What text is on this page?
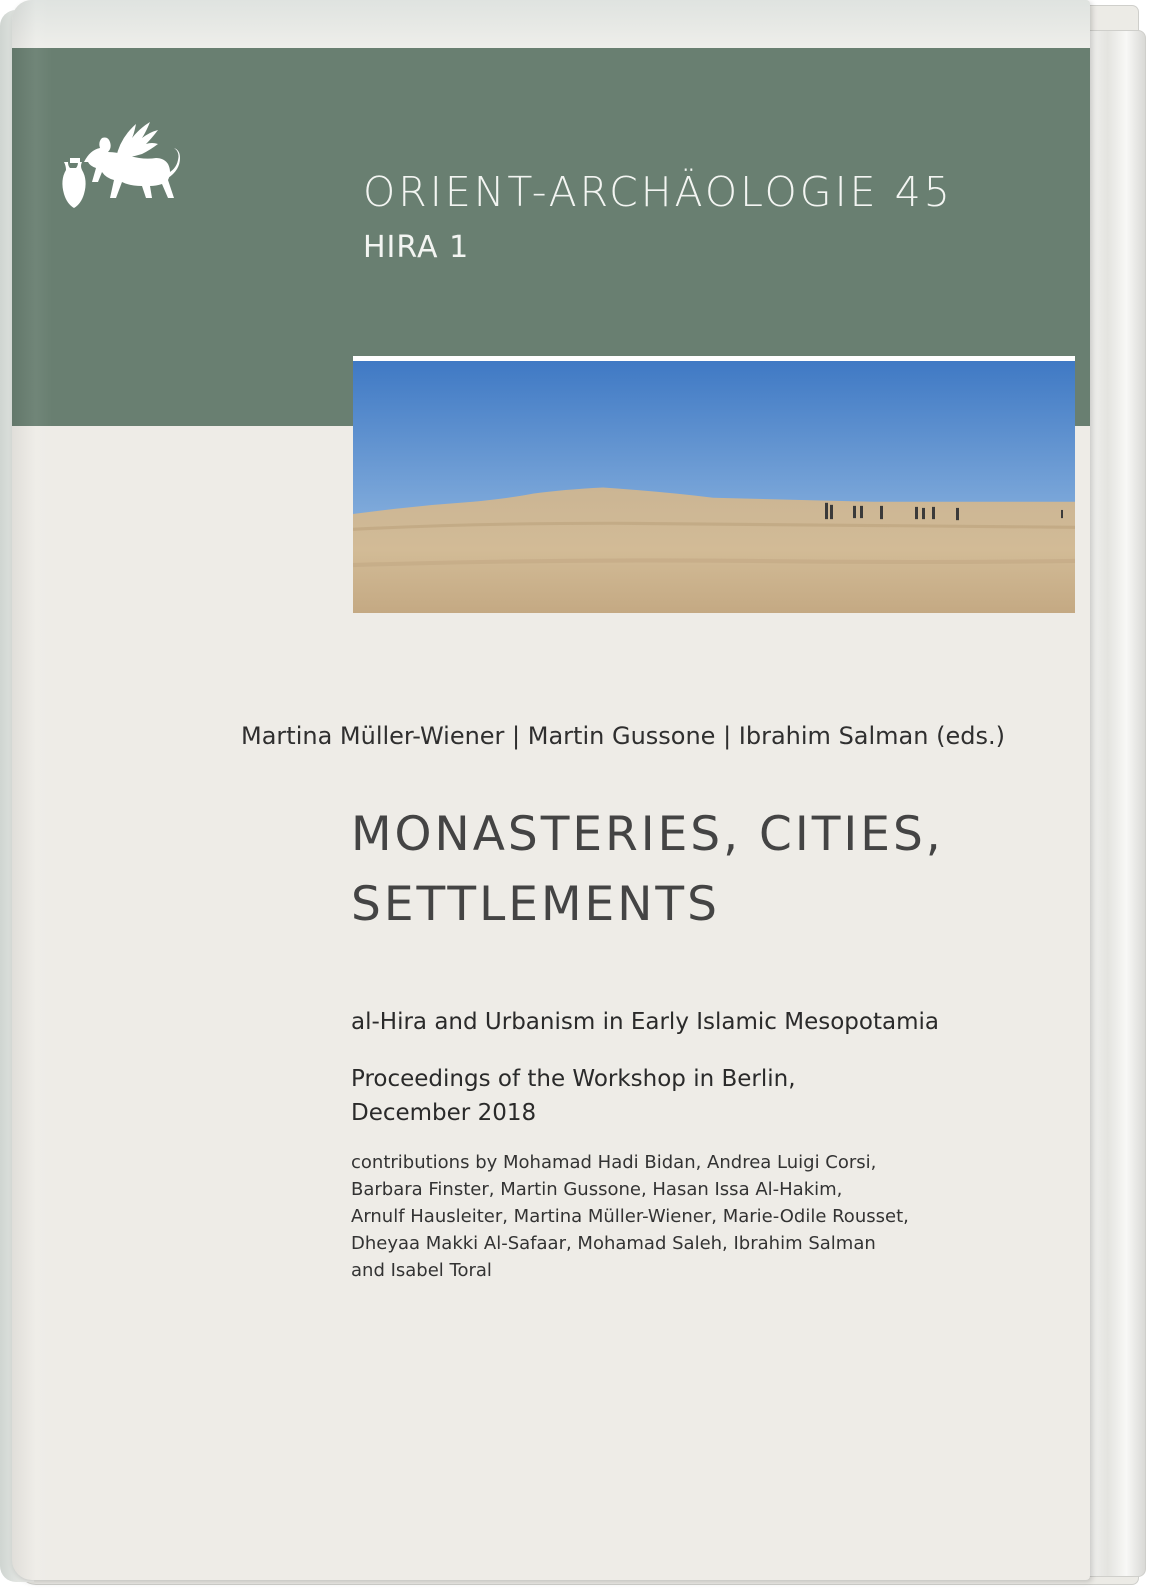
ORIENT-ARCHÄOLOGIE 45
HIRA 1
Martina Müller-Wiener | Martin Gussone | Ibrahim Salman (eds.)
MONASTERIES, CITIES,
SETTLEMENTS
al-Hira and Urbanism in Early Islamic Mesopotamia
Proceedings of the Workshop in Berlin,
December 2018
contributions by Mohamad Hadi Bidan, Andrea Luigi Corsi,
Barbara Finster, Martin Gussone, Hasan Issa Al-Hakim,
Arnulf Hausleiter, Martina Müller-Wiener, Marie-Odile Rousset,
Dheyaa Makki Al-Safaar, Mohamad Saleh, Ibrahim Salman
and Isabel Toral
